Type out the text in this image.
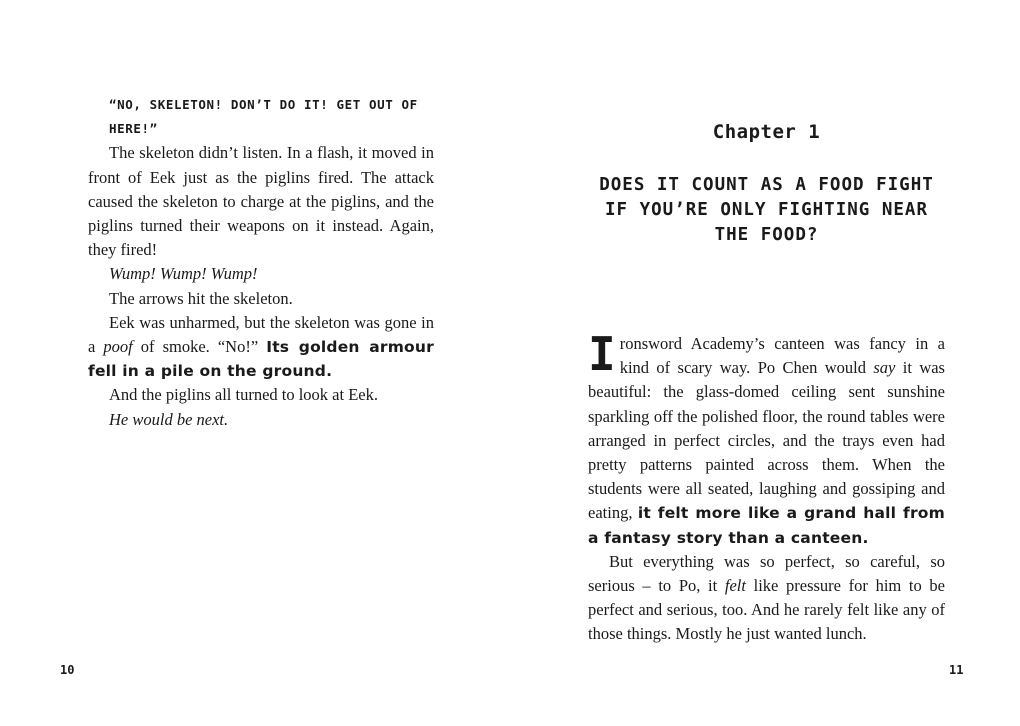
“NO, SKELETON! DON’T DO IT! GET OUT OF HERE!”

The skeleton didn’t listen. In a flash, it moved in front of Eek just as the piglins fired. The attack caused the skeleton to charge at the piglins, and the piglins turned their weapons on it instead. Again, they fired!

Wump! Wump! Wump!

The arrows hit the skeleton.

Eek was unharmed, but the skeleton was gone in a poof of smoke. “No!” Its golden armour fell in a pile on the ground.

And the piglins all turned to look at Eek.

He would be next.

10
Chapter 1
DOES IT COUNT AS A FOOD FIGHT IF YOU’RE ONLY FIGHTING NEAR THE FOOD?

Ironsword Academy’s canteen was fancy in a kind of scary way. Po Chen would say it was beautiful: the glass-domed ceiling sent sunshine sparkling off the polished floor, the round tables were arranged in perfect circles, and the trays even had pretty patterns painted across them. When the students were all seated, laughing and gossiping and eating, it felt more like a grand hall from a fantasy story than a canteen.

But everything was so perfect, so careful, so serious – to Po, it felt like pressure for him to be perfect and serious, too. And he rarely felt like any of those things. Mostly he just wanted lunch.

11
